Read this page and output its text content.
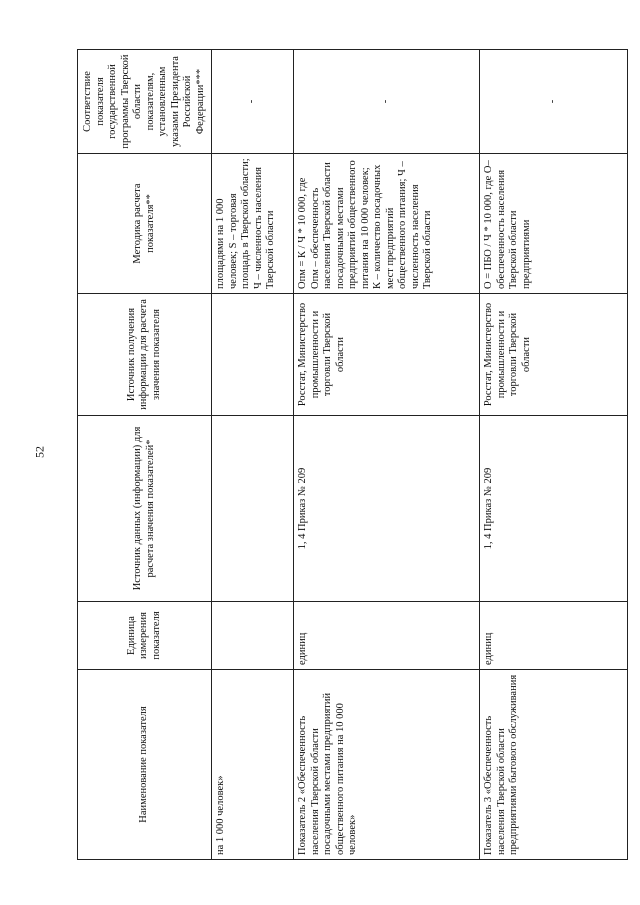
52
Наименование показателя	Единица измерения показателя	Источник данных (информации) для расчета значения показателей*	Источник получения информации для расчета значения показателя	Методика расчета показателя**	Соответствие показателя государственной программы Тверской области показателям, установленным указами Президента Российской Федерации***
на 1 000 человек»				площадями на 1 000 человек; S – торговая площадь в Тверской области; Ч – численность населения Тверской области	-
Показатель 2 «Обеспеченность населения Тверской области посадочными местами предприятий общественного питания на 10 000 человек»	единиц	1, 4 Приказ № 209	Росстат, Министерство промышленности и торговли Тверской области	Опм = К / Ч * 10 000, где Опм – обеспеченность населения Тверской области посадочными местами предприятий общественного питания на 10 000 человек; К – количество посадочных мест предприятий общественного питания; Ч – численность населения Тверской области	-
Показатель 3 «Обеспеченность населения Тверской области предприятиями бытового обслуживания	единиц	1, 4 Приказ № 209	Росстат, Министерство промышленности и торговли Тверской области	О = ПБО / Ч * 10 000, где О– обеспеченность населения Тверской области предприятиями	-
